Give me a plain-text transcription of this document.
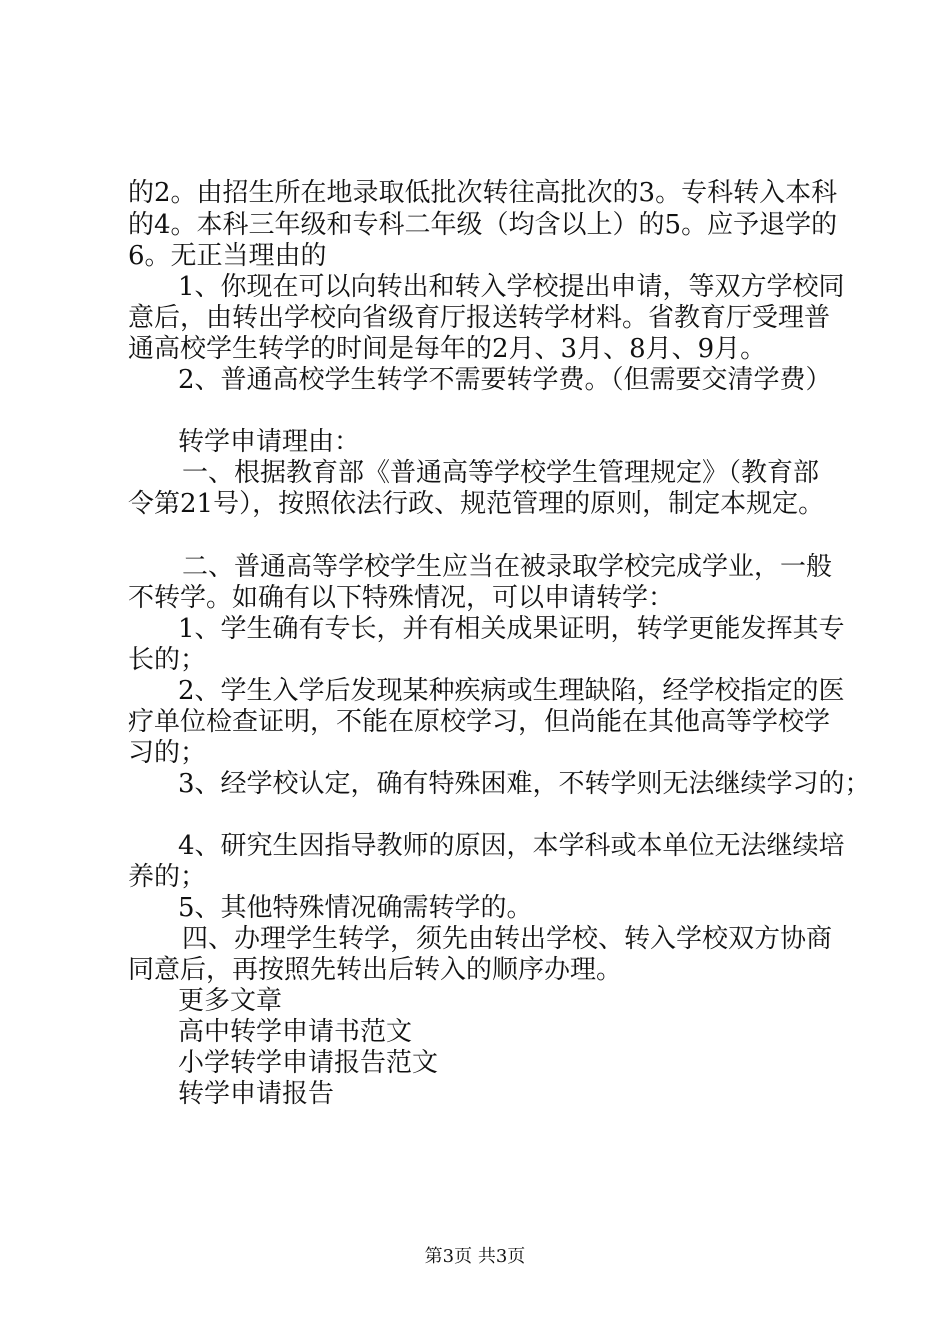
的2。由招生所在地录取低批次转往高批次的3。专科转入本科
的4。本科三年级和专科二年级（均含以上）的5。应予退学的
6。无正当理由的
1、你现在可以向转出和转入学校提出申请，等双方学校同
意后，由转出学校向省级育厅报送转学材料。省教育厅受理普
通高校学生转学的时间是每年的2月、3月、8月、9月。
2、普通高校学生转学不需要转学费。（但需要交清学费）
转学申请理由：
一、根据教育部《普通高等学校学生管理规定》（教育部
令第21号），按照依法行政、规范管理的原则，制定本规定。
二、普通高等学校学生应当在被录取学校完成学业，一般
不转学。如确有以下特殊情况，可以申请转学：
1、学生确有专长，并有相关成果证明，转学更能发挥其专
长的；
2、学生入学后发现某种疾病或生理缺陷，经学校指定的医
疗单位检查证明，不能在原校学习，但尚能在其他高等学校学
习的；
3、经学校认定，确有特殊困难，不转学则无法继续学习的；
4、研究生因指导教师的原因，本学科或本单位无法继续培
养的；
5、其他特殊情况确需转学的。
四、办理学生转学，须先由转出学校、转入学校双方协商
同意后，再按照先转出后转入的顺序办理。
更多文章
高中转学申请书范文
小学转学申请报告范文
转学申请报告
第3页 共3页
